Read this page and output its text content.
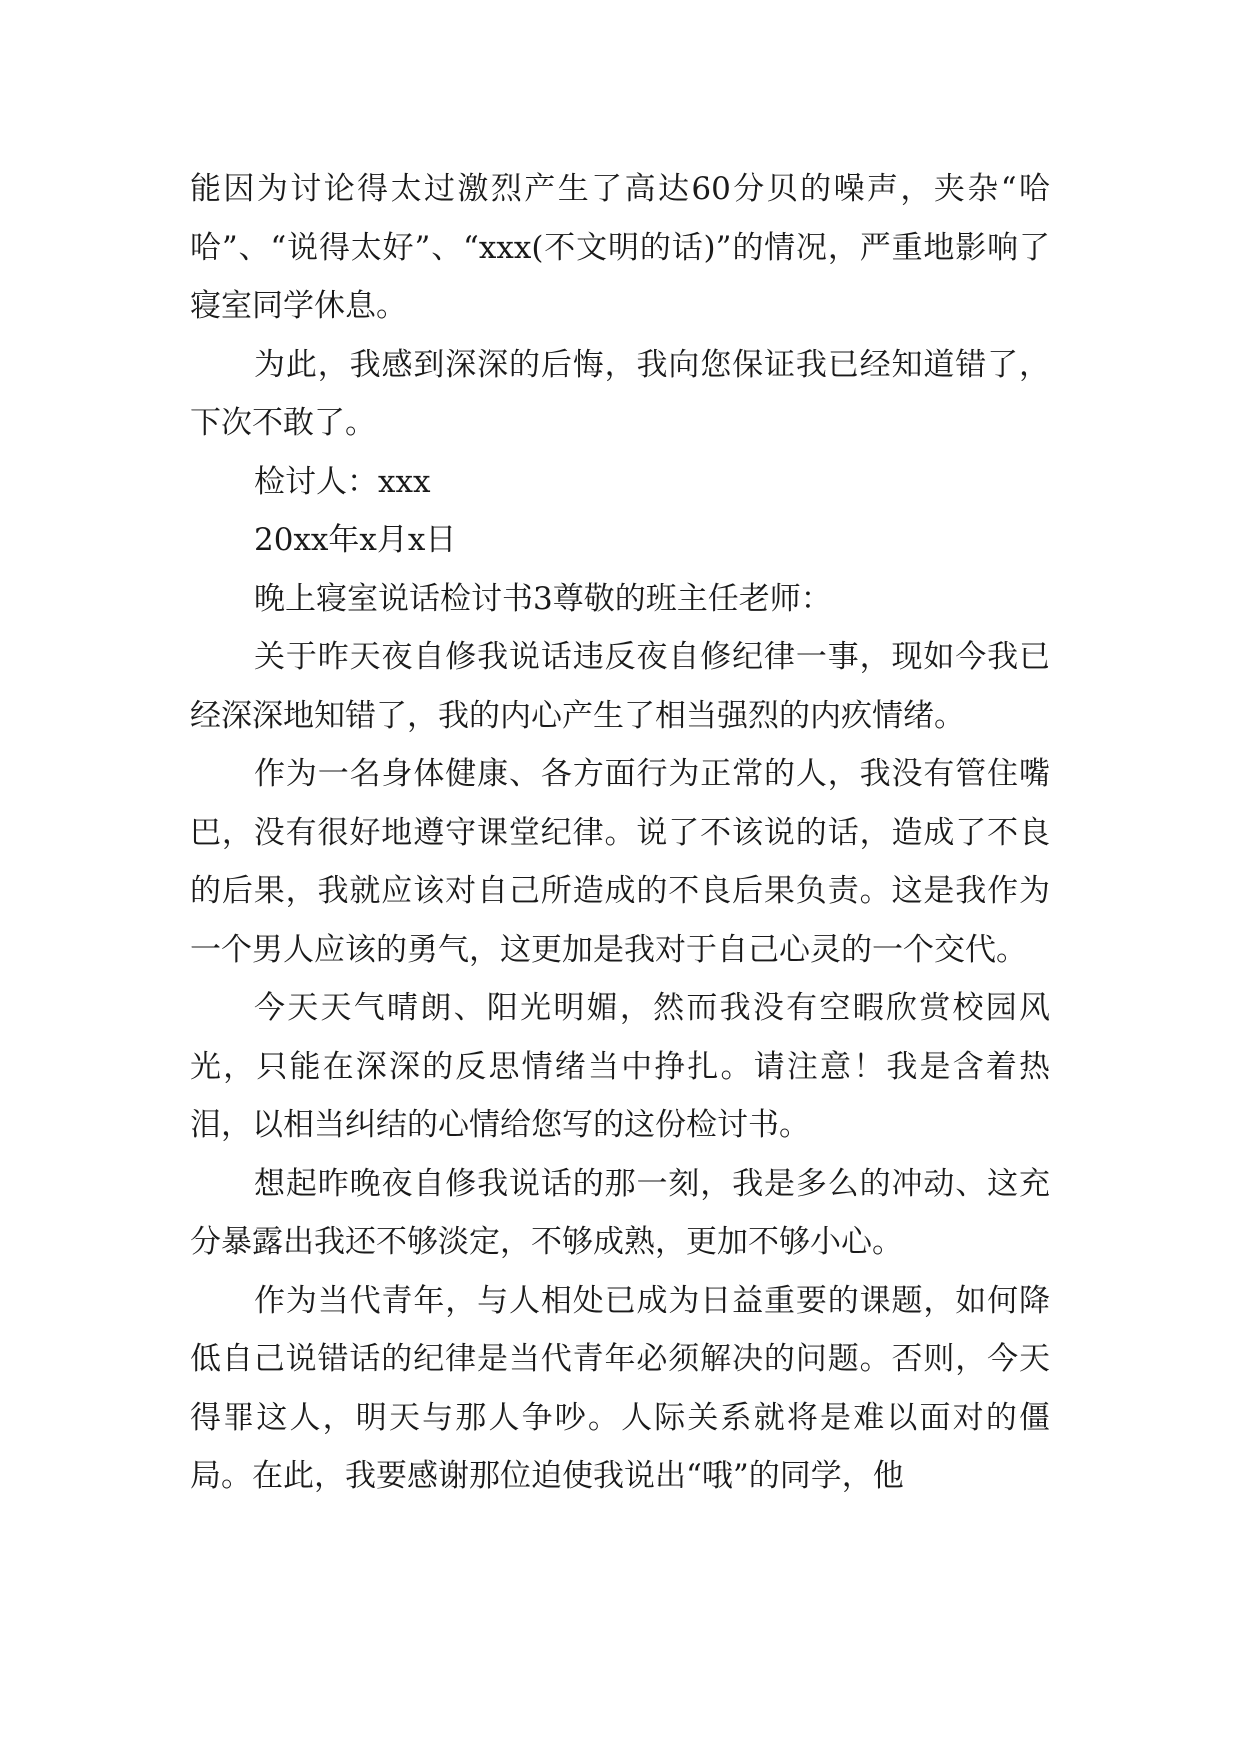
能因为讨论得太过激烈产生了高达60分贝的噪声，夹杂“哈哈”、“说得太好”、“xxx(不文明的话)”的情况，严重地影响了寝室同学休息。

为此，我感到深深的后悔，我向您保证我已经知道错了，下次不敢了。

检讨人：xxx

20xx年x月x日

晚上寝室说话检讨书3尊敬的班主任老师：

关于昨天夜自修我说话违反夜自修纪律一事，现如今我已经深深地知错了，我的内心产生了相当强烈的内疚情绪。

作为一名身体健康、各方面行为正常的人，我没有管住嘴巴，没有很好地遵守课堂纪律。说了不该说的话，造成了不良的后果，我就应该对自己所造成的不良后果负责。这是我作为一个男人应该的勇气，这更加是我对于自己心灵的一个交代。

今天天气晴朗、阳光明媚，然而我没有空暇欣赏校园风光，只能在深深的反思情绪当中挣扎。请注意！我是含着热泪，以相当纠结的心情给您写的这份检讨书。

想起昨晚夜自修我说话的那一刻，我是多么的冲动、这充分暴露出我还不够淡定，不够成熟，更加不够小心。

作为当代青年，与人相处已成为日益重要的课题，如何降低自己说错话的纪律是当代青年必须解决的问题。否则，今天得罪这人，明天与那人争吵。人际关系就将是难以面对的僵局。在此，我要感谢那位迫使我说出“哦”的同学，他
